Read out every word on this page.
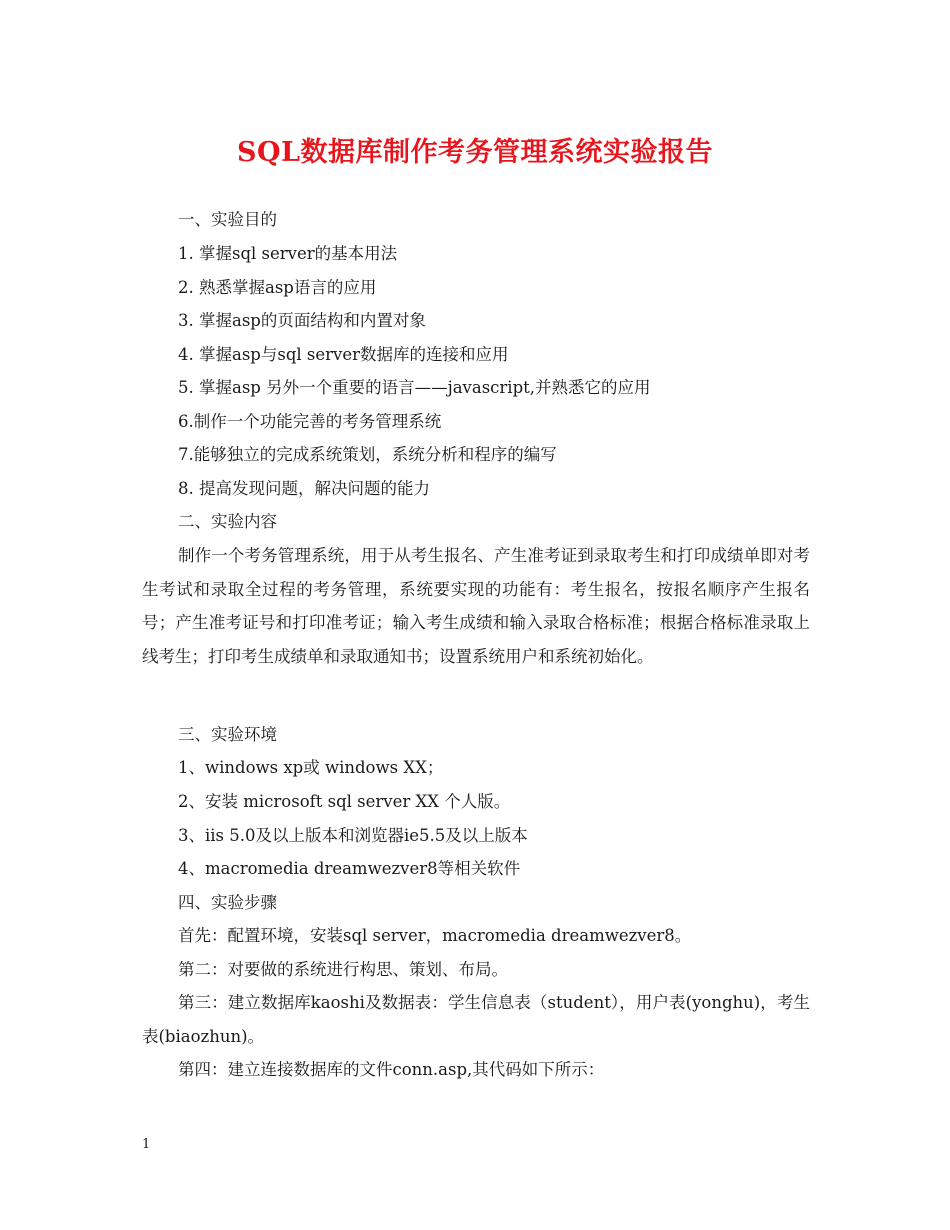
SQL数据库制作考务管理系统实验报告

一、实验目的

1. 掌握sql server的基本用法

2. 熟悉掌握asp语言的应用

3. 掌握asp的页面结构和内置对象

4. 掌握asp与sql server数据库的连接和应用

5. 掌握asp 另外一个重要的语言——javascript,并熟悉它的应用

6.制作一个功能完善的考务管理系统

7.能够独立的完成系统策划，系统分析和程序的编写

8. 提高发现问题，解决问题的能力

二、实验内容

制作一个考务管理系统，用于从考生报名、产生准考证到录取考生和打印成绩单即对考生考试和录取全过程的考务管理，系统要实现的功能有：考生报名，按报名顺序产生报名号；产生准考证号和打印准考证；输入考生成绩和输入录取合格标准；根据合格标准录取上线考生；打印考生成绩单和录取通知书；设置系统用户和系统初始化。

三、实验环境

1、windows xp或 windows XX；

2、安装 microsoft sql server XX 个人版。

3、iis 5.0及以上版本和浏览器ie5.5及以上版本

4、macromedia dreamwezver8等相关软件

四、实验步骤

首先：配置环境，安装sql server，macromedia dreamwezver8。

第二：对要做的系统进行构思、策划、布局。

第三：建立数据库kaoshi及数据表：学生信息表（student），用户表(yonghu)，考生表(biaozhun)。

第四：建立连接数据库的文件conn.asp,其代码如下所示：

1
